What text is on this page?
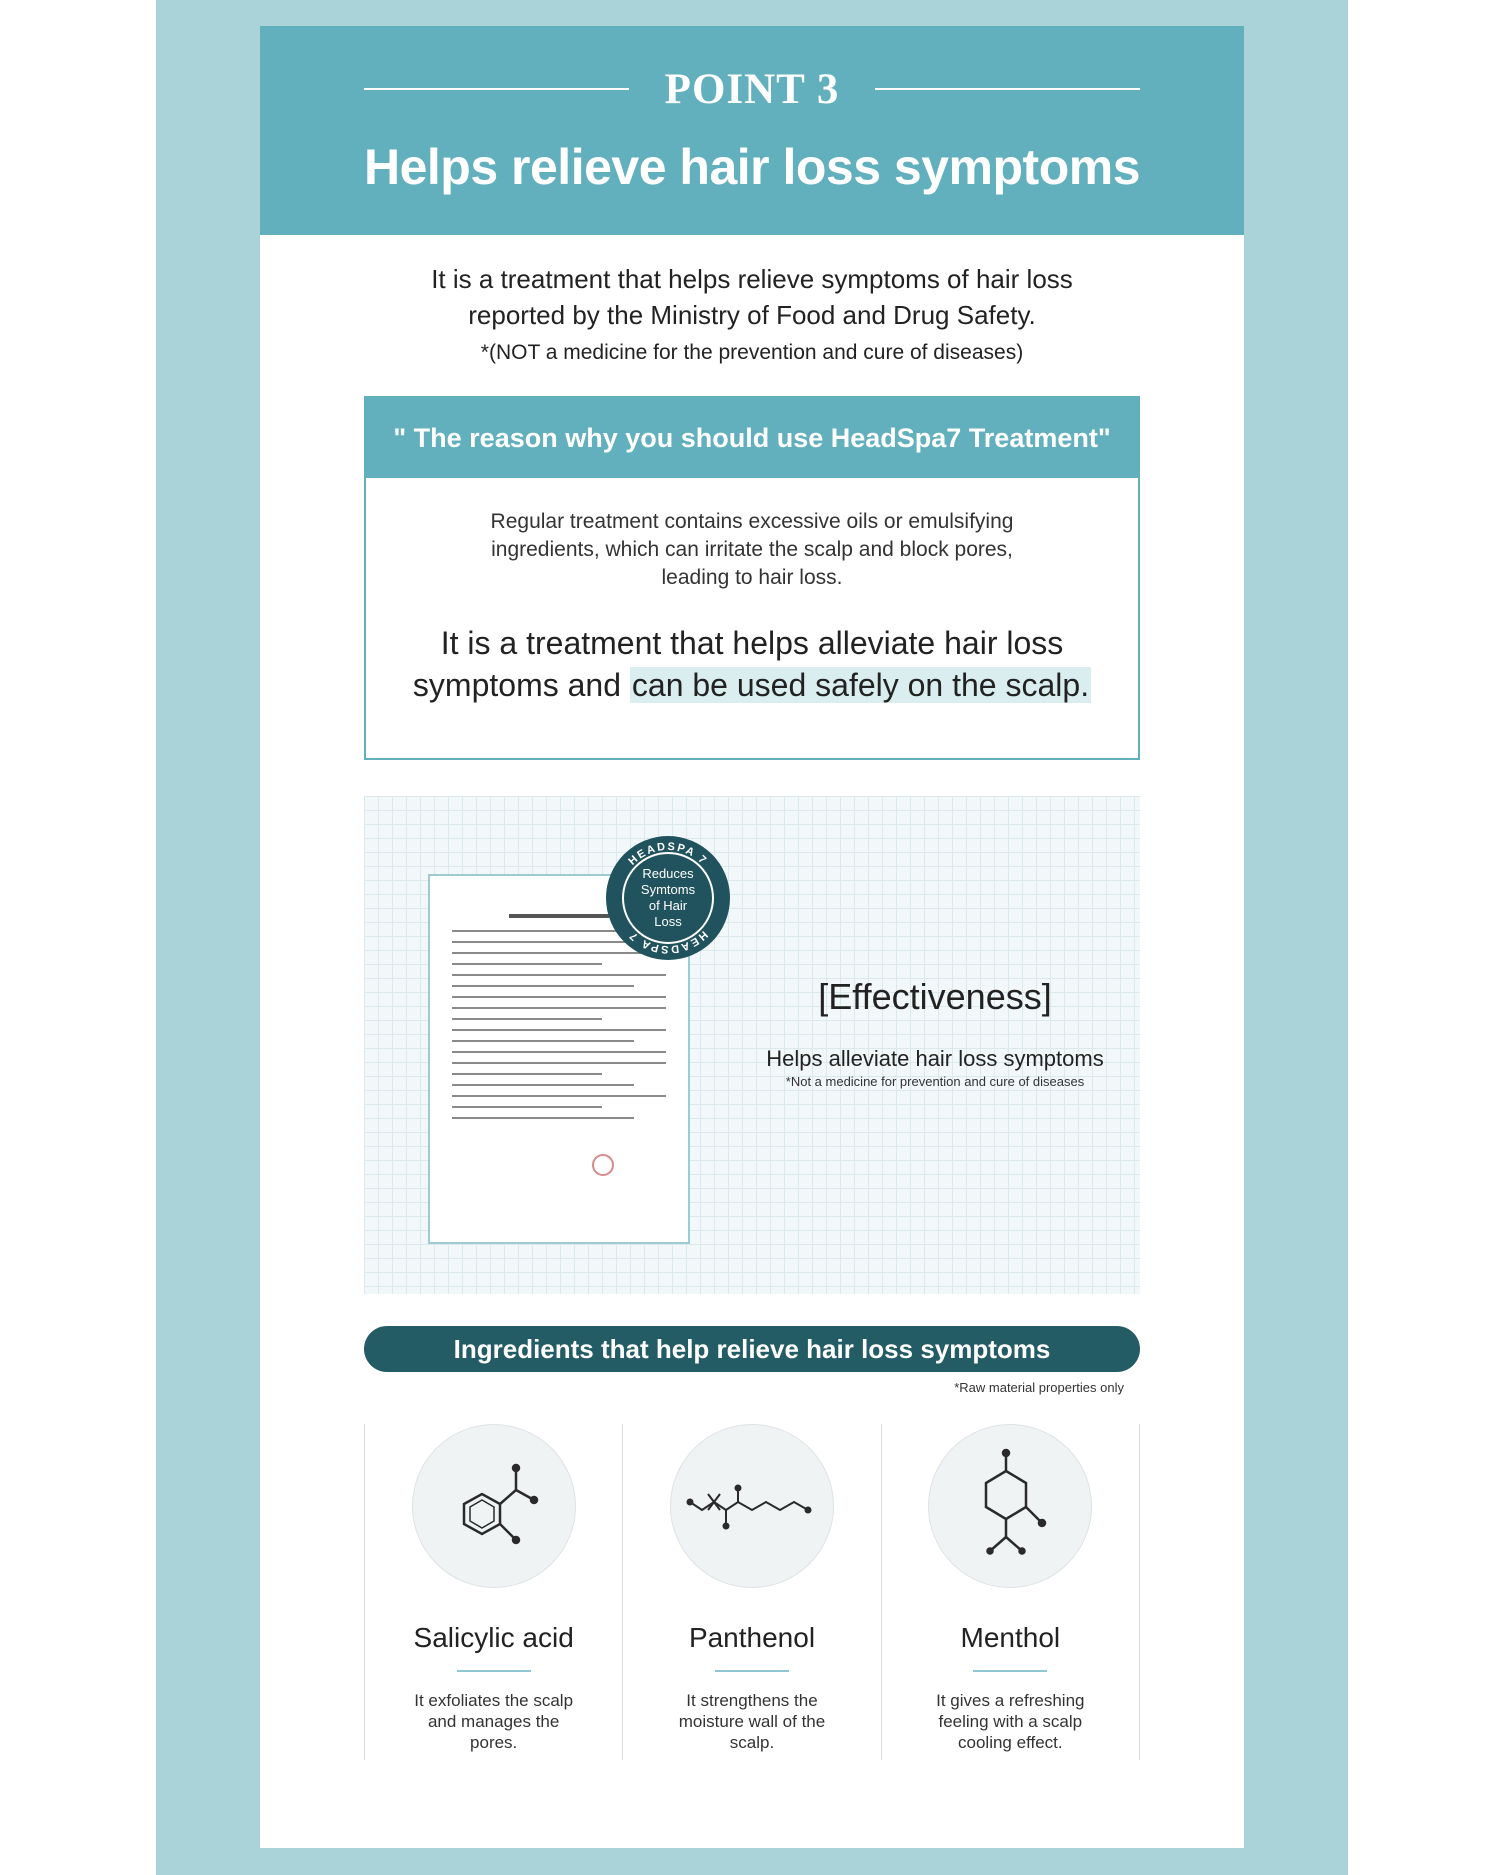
POINT 3
Helps relieve hair loss symptoms
It is a treatment that helps relieve symptoms of hair loss
reported by the Ministry of Food and Drug Safety.
*(NOT a medicine for the prevention and cure of diseases)
" The reason why you should use HeadSpa7 Treatment"
Regular treatment contains excessive oils or emulsifying
ingredients, which can irritate the scalp and block pores,
leading to hair loss.
It is a treatment that helps alleviate hair loss
symptoms and can be used safely on the scalp.
HEADSPA 7
HEADSPA 7
Reduces
Symtoms
of Hair
Loss
[Effectiveness]
Helps alleviate hair loss symptoms
*Not a medicine for prevention and cure of diseases
Ingredients that help relieve hair loss symptoms
*Raw material properties only
Salicylic acid
It exfoliates the scalp and manages the pores.
Panthenol
It strengthens the moisture wall of the scalp.
Menthol
It gives a refreshing feeling with a scalp cooling effect.
